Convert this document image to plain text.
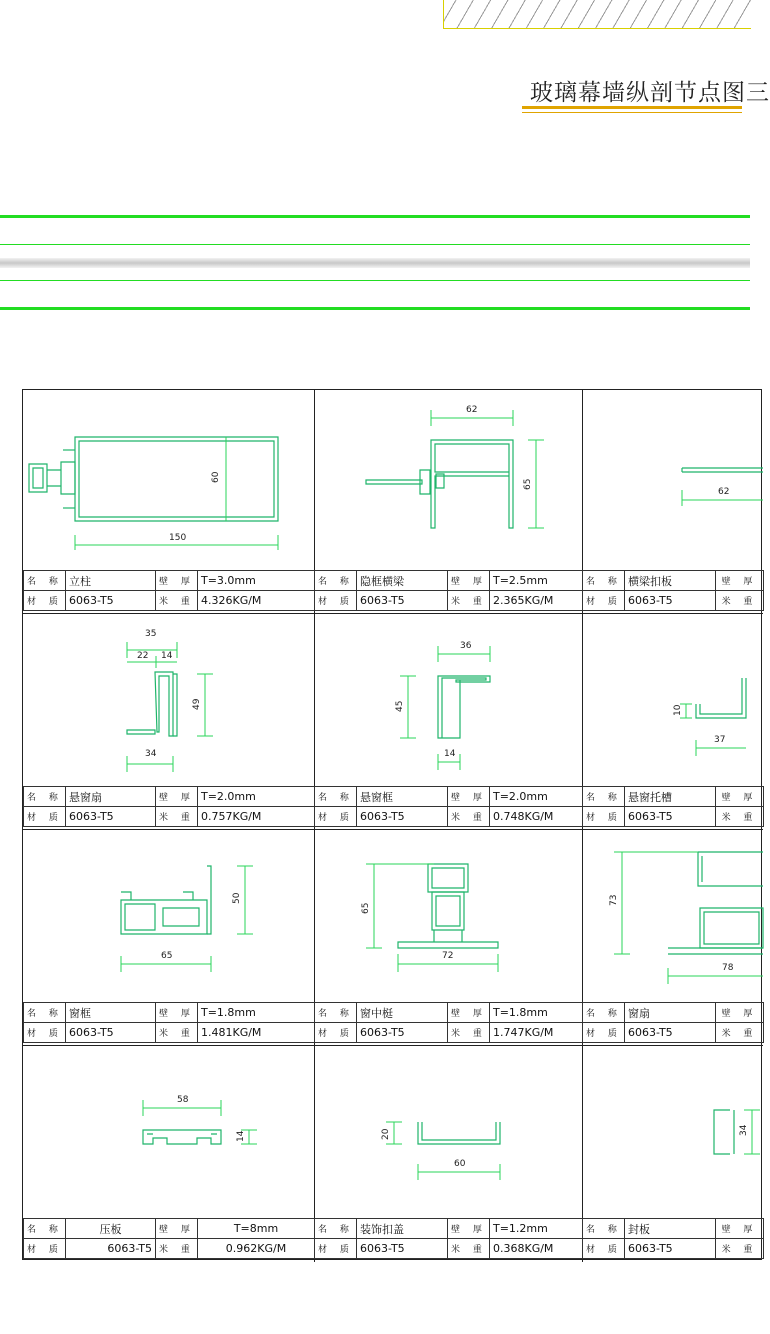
玻璃幕墙纵剖节点图三
150
60
名 称	立柱	壁 厚	T=3.0mm
材 质	6063-T5	米 重	4.326KG/M
62
65
名 称	隐框横梁	壁 厚	T=2.5mm
材 质	6063-T5	米 重	2.365KG/M
62
名 称	横梁扣板	壁 厚
材 质	6063-T5	米 重
35
22 14
49
34
名 称	悬窗扇	壁 厚	T=2.0mm
材 质	6063-T5	米 重	0.757KG/M
36
45
14
名 称	悬窗框	壁 厚	T=2.0mm
材 质	6063-T5	米 重	0.748KG/M
10
37
名 称	悬窗托槽	壁 厚
材 质	6063-T5	米 重
50
65
名 称	窗框	壁 厚	T=1.8mm
材 质	6063-T5	米 重	1.481KG/M
65
72
名 称	窗中梃	壁 厚	T=1.8mm
材 质	6063-T5	米 重	1.747KG/M
73
78
名 称	窗扇	壁 厚
材 质	6063-T5	米 重
58
14
名 称	压板	壁 厚	T=8mm
材 质	6063-T5	米 重	0.962KG/M
20
60
名 称	装饰扣盖	壁 厚	T=1.2mm
材 质	6063-T5	米 重	0.368KG/M
34
名 称	封板	壁 厚
材 质	6063-T5	米 重
